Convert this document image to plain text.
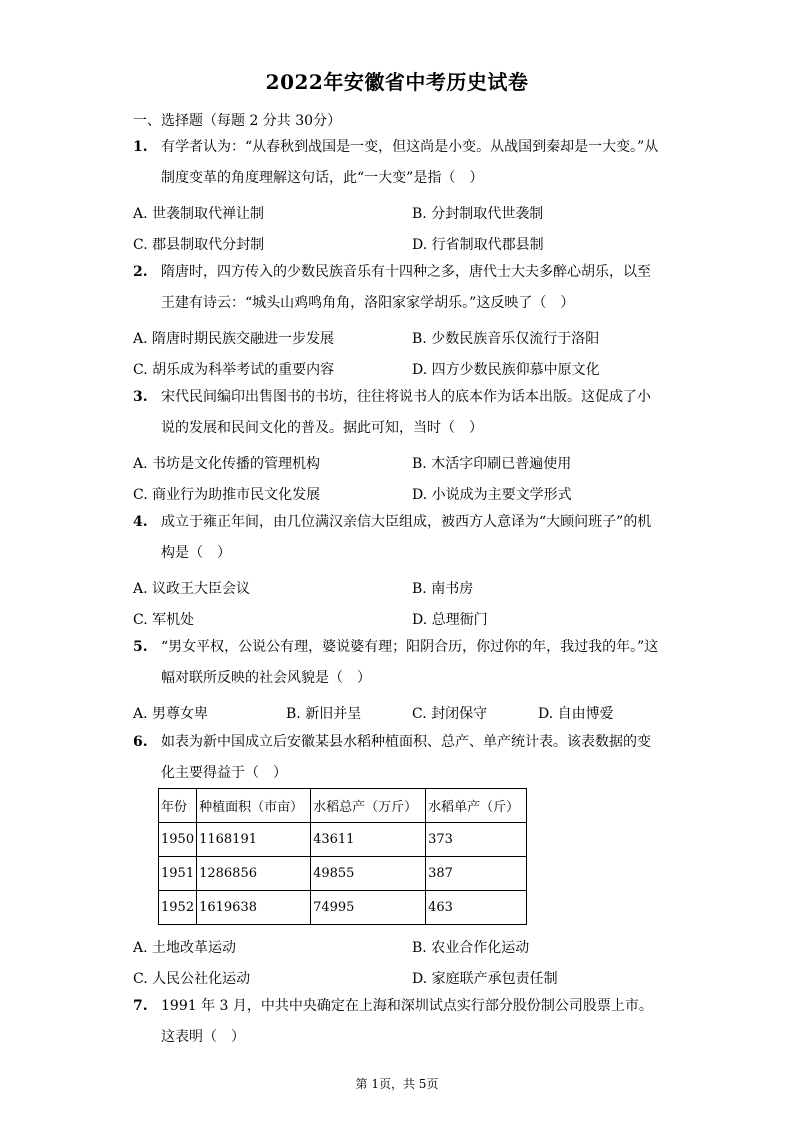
2022年安徽省中考历史试卷
一、选择题（每题 2 分共 30分）
1. 有学者认为：“从春秋到战国是一变，但这尚是小变。从战国到秦却是一大变。”从制度变革的角度理解这句话，此“一大变”是指（　）
A. 世袭制取代禅让制	B. 分封制取代世袭制
C. 郡县制取代分封制	D. 行省制取代郡县制
2. 隋唐时，四方传入的少数民族音乐有十四种之多，唐代士大夫多醉心胡乐，以至王建有诗云：“城头山鸡鸣角角，洛阳家家学胡乐。”这反映了（　）
A. 隋唐时期民族交融进一步发展	B. 少数民族音乐仅流行于洛阳
C. 胡乐成为科举考试的重要内容	D. 四方少数民族仰慕中原文化
3. 宋代民间编印出售图书的书坊，往往将说书人的底本作为话本出版。这促成了小说的发展和民间文化的普及。据此可知，当时（　）
A. 书坊是文化传播的管理机构	B. 木活字印刷已普遍使用
C. 商业行为助推市民文化发展	D. 小说成为主要文学形式
4. 成立于雍正年间，由几位满汉亲信大臣组成，被西方人意译为“大顾问班子”的机构是（　）
A. 议政王大臣会议	B. 南书房
C. 军机处	D. 总理衙门
5. “男女平权，公说公有理，婆说婆有理；阳阴合历，你过你的年，我过我的年。”这幅对联所反映的社会风貌是（　）
A. 男尊女卑	B. 新旧并呈	C. 封闭保守	D. 自由博爱
6. 如表为新中国成立后安徽某县水稻种植面积、总产、单产统计表。该表数据的变化主要得益于（　）
年份	种植面积（市亩）	水稻总产（万斤）	水稻单产（斤）
1950	1168191	43611	373
1951	1286856	49855	387
1952	1619638	74995	463
A. 土地改革运动	B. 农业合作化运动
C. 人民公社化运动	D. 家庭联产承包责任制
7. 1991 年 3 月，中共中央确定在上海和深圳试点实行部分股份制公司股票上市。这表明（　）
第 1页，共 5页
